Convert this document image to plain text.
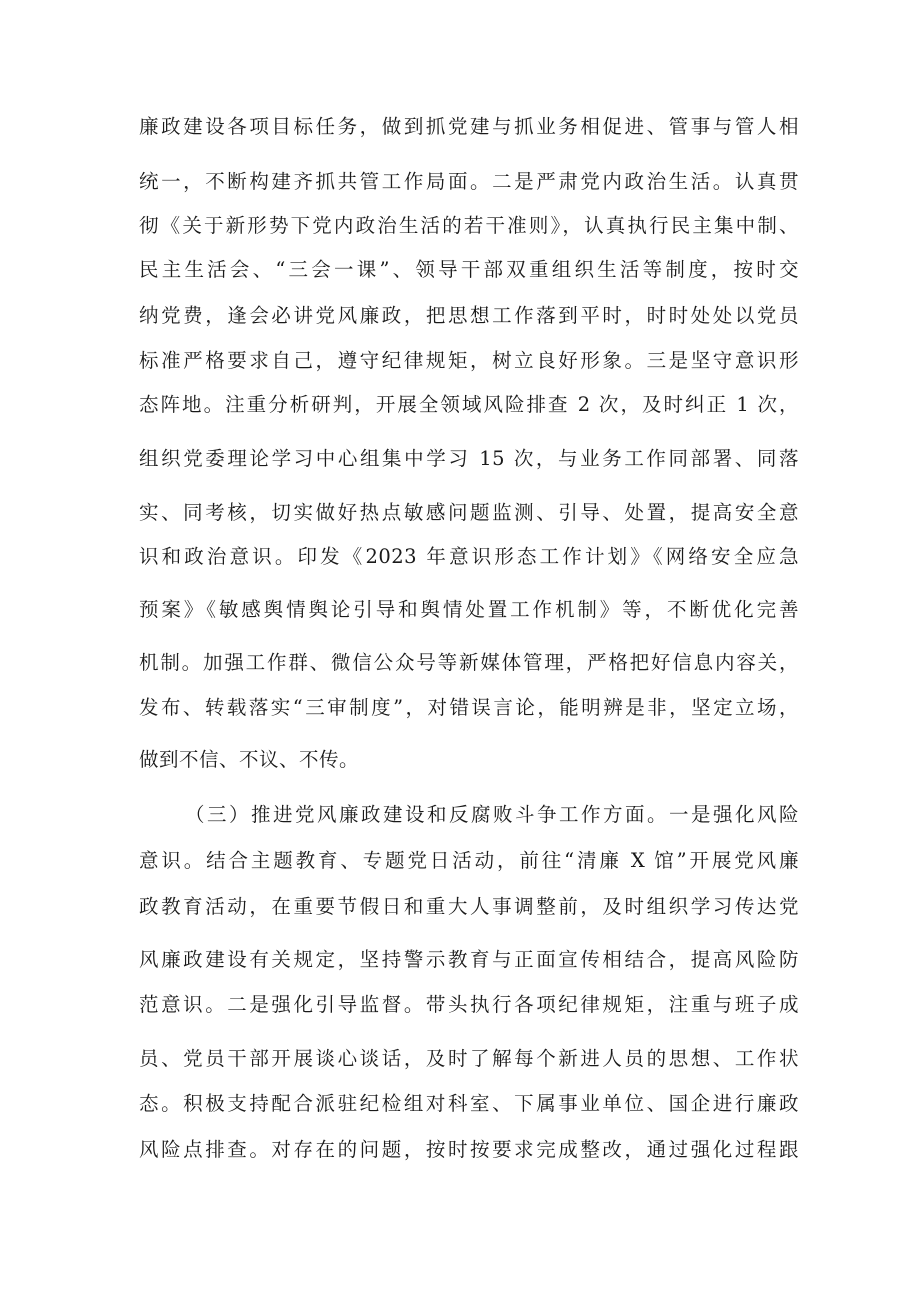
廉政建设各项目标任务，做到抓党建与抓业务相促进、管事与管人相
统一，不断构建齐抓共管工作局面。二是严肃党内政治生活。认真贯
彻《关于新形势下党内政治生活的若干准则》，认真执行民主集中制、
民主生活会、“三会一课”、领导干部双重组织生活等制度，按时交
纳党费，逢会必讲党风廉政，把思想工作落到平时，时时处处以党员
标准严格要求自己，遵守纪律规矩，树立良好形象。三是坚守意识形
态阵地。注重分析研判，开展全领域风险排查 2 次，及时纠正 1 次，
组织党委理论学习中心组集中学习 15 次，与业务工作同部署、同落
实、同考核，切实做好热点敏感问题监测、引导、处置，提高安全意
识和政治意识。印发《2023 年意识形态工作计划》《网络安全应急
预案》《敏感舆情舆论引导和舆情处置工作机制》等，不断优化完善
机制。加强工作群、微信公众号等新媒体管理，严格把好信息内容关，
发布、转载落实“三审制度”，对错误言论，能明辨是非，坚定立场，
做到不信、不议、不传。
（三）推进党风廉政建设和反腐败斗争工作方面。一是强化风险
意识。结合主题教育、专题党日活动，前往“清廉 X 馆”开展党风廉
政教育活动，在重要节假日和重大人事调整前，及时组织学习传达党
风廉政建设有关规定，坚持警示教育与正面宣传相结合，提高风险防
范意识。二是强化引导监督。带头执行各项纪律规矩，注重与班子成
员、党员干部开展谈心谈话，及时了解每个新进人员的思想、工作状
态。积极支持配合派驻纪检组对科室、下属事业单位、国企进行廉政
风险点排查。对存在的问题，按时按要求完成整改，通过强化过程跟
